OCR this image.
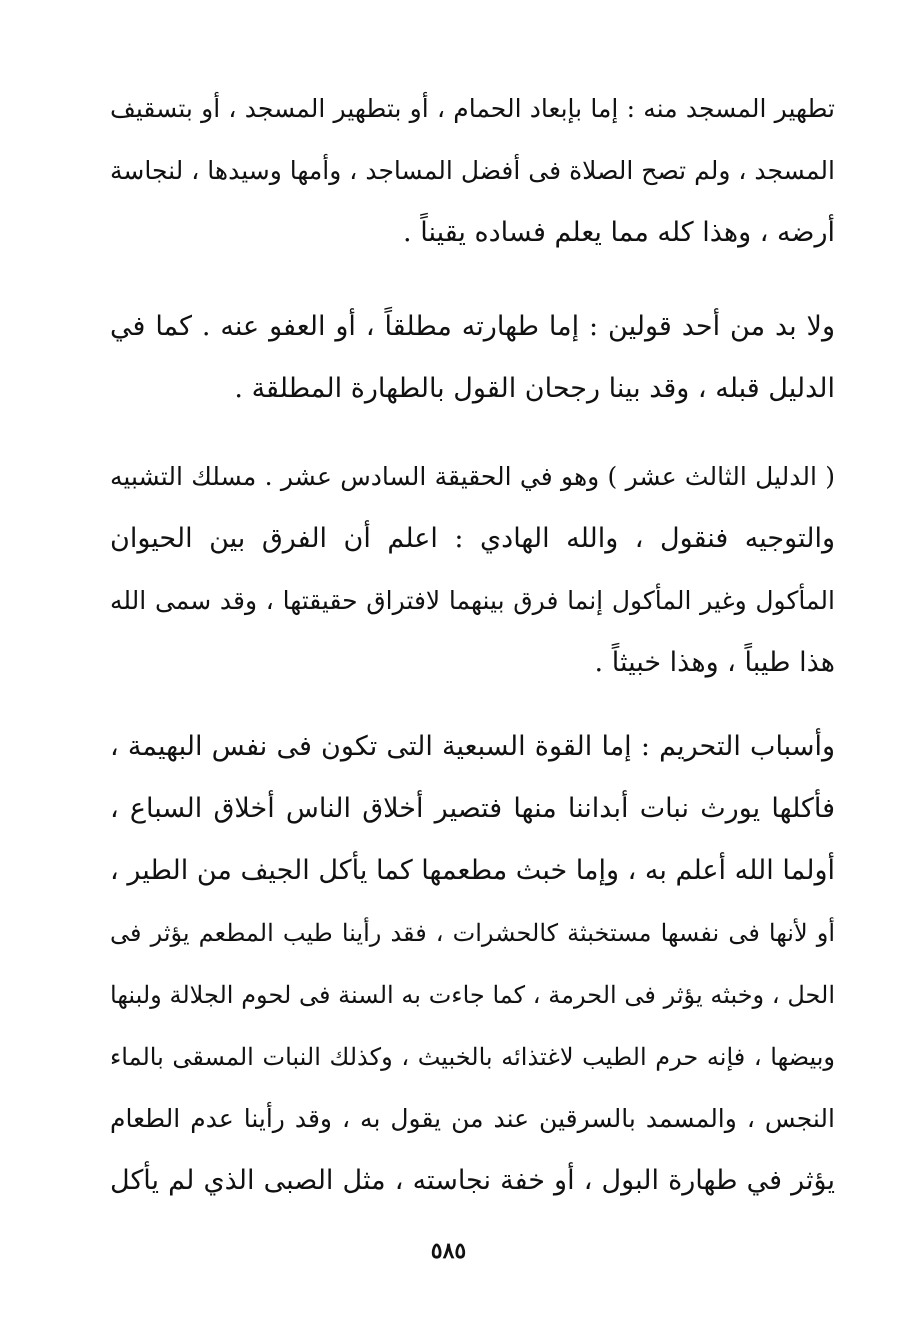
تطهير المسجد منه : إما بإبعاد الحمام ، أو بتطهير المسجد ، أو بتسقيف
المسجد ، ولم تصح الصلاة فى أفضل المساجد ، وأمها وسيدها ، لنجاسة
أرضه ، وهذا كله مما يعلم فساده يقيناً .
ولا بد من أحد قولين : إما طهارته مطلقاً ، أو العفو عنه . كما في
الدليل قبله ، وقد بينا رجحان القول بالطهارة المطلقة .
( الدليل الثالث عشر ) وهو في الحقيقة السادس عشر . مسلك التشبيه
والتوجيه فنقول ، والله الهادي : اعلم أن الفرق بين الحيوان
المأكول وغير المأكول إنما فرق بينهما لافتراق حقيقتها ، وقد سمى الله
هذا طيباً ، وهذا خبيثاً .
وأسباب التحريم : إما القوة السبعية التى تكون فى نفس البهيمة ،
فأكلها يورث نبات أبداننا منها فتصير أخلاق الناس أخلاق السباع ،
أولما الله أعلم به ، وإما خبث مطعمها كما يأكل الجيف من الطير ،
أو لأنها فى نفسها مستخبثة كالحشرات ، فقد رأينا طيب المطعم يؤثر فى
الحل ، وخبثه يؤثر فى الحرمة ، كما جاءت به السنة فى لحوم الجلالة ولبنها
وبيضها ، فإنه حرم الطيب لاغتذائه بالخبيث ، وكذلك النبات المسقى بالماء
النجس ، والمسمد بالسرقين عند من يقول به ، وقد رأينا عدم الطعام
يؤثر في طهارة البول ، أو خفة نجاسته ، مثل الصبى الذي لم يأكل
٥٨٥
